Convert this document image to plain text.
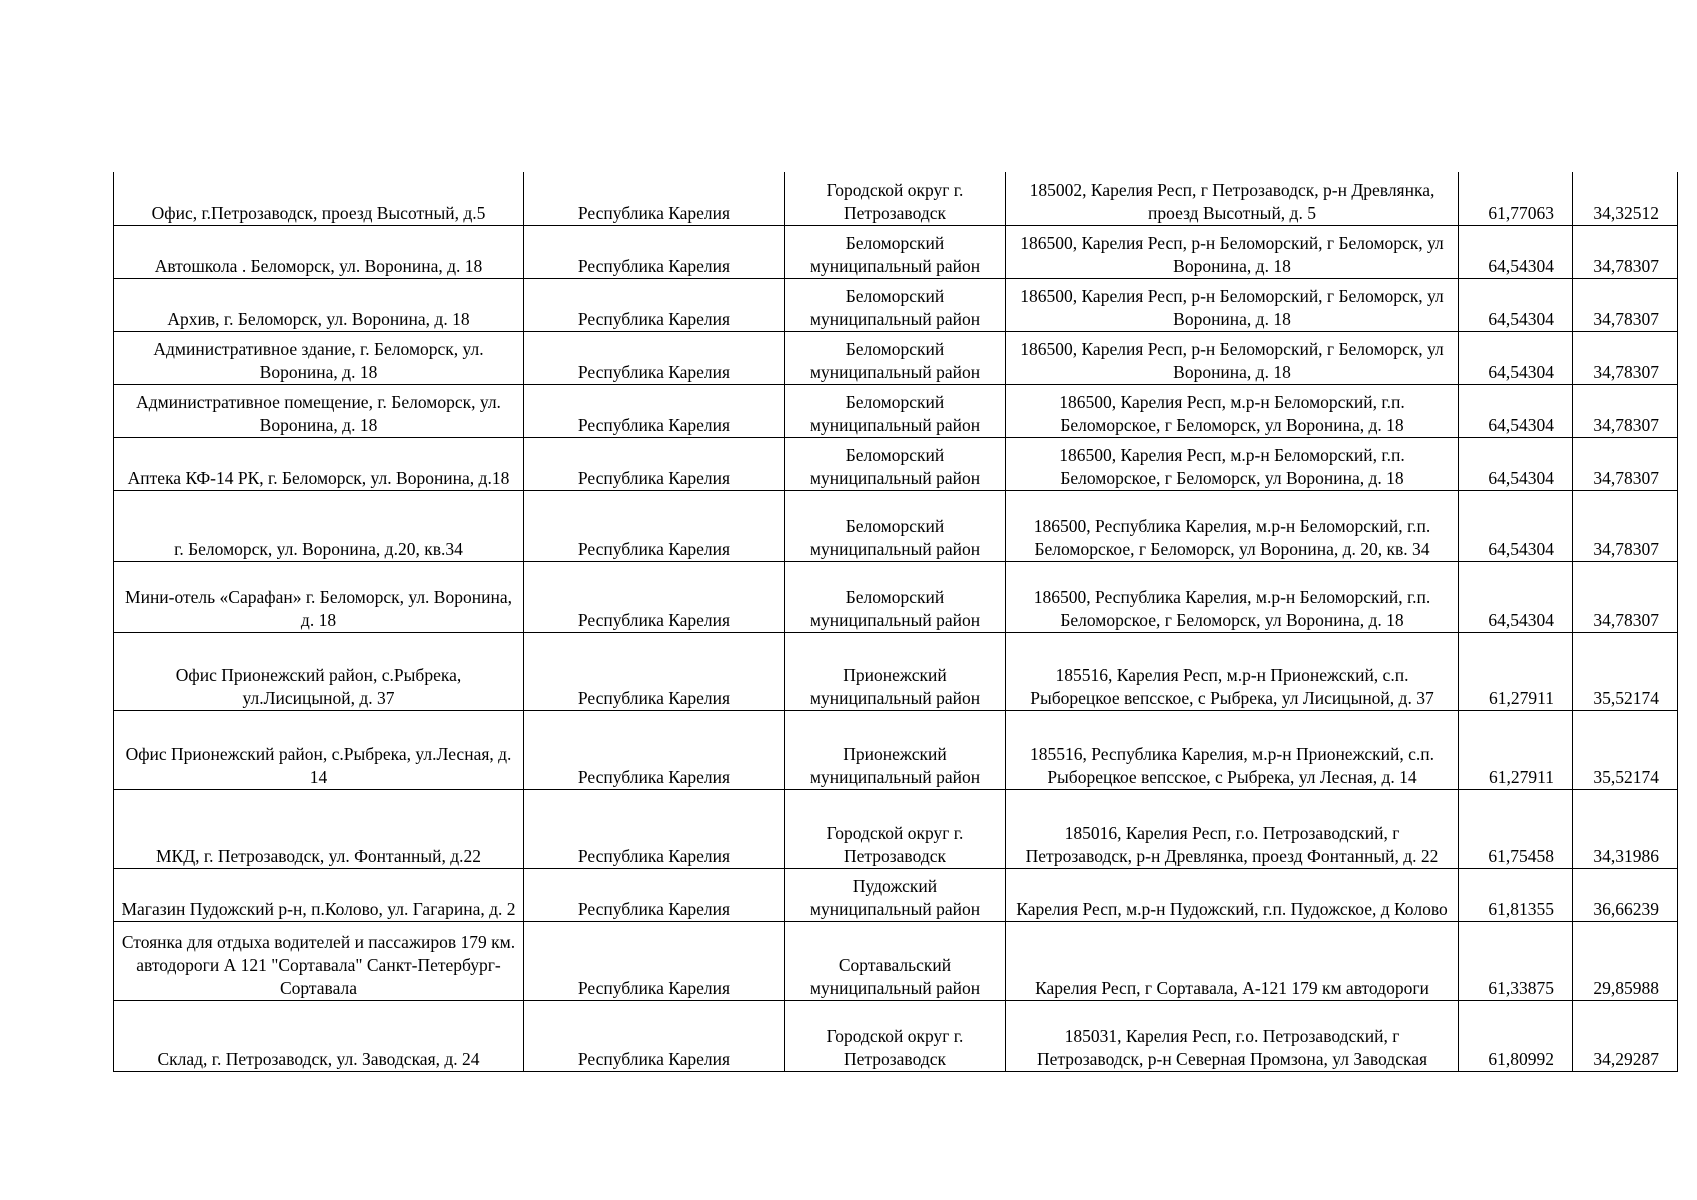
Офис, г.Петрозаводск, проезд Высотный, д.5	Республика Карелия	Городской округ г. Петрозаводск	185002, Карелия Респ, г Петрозаводск, р-н Древлянка, проезд Высотный, д. 5	61,77063	34,32512
Автошкола . Беломорск, ул. Воронина, д. 18	Республика Карелия	Беломорский муниципальный район	186500, Карелия Респ, р-н Беломорский, г Беломорск, ул Воронина, д. 18	64,54304	34,78307
Архив, г. Беломорск, ул. Воронина, д. 18	Республика Карелия	Беломорский муниципальный район	186500, Карелия Респ, р-н Беломорский, г Беломорск, ул Воронина, д. 18	64,54304	34,78307
Административное здание, г. Беломорск, ул. Воронина, д. 18	Республика Карелия	Беломорский муниципальный район	186500, Карелия Респ, р-н Беломорский, г Беломорск, ул Воронина, д. 18	64,54304	34,78307
Административное помещение, г. Беломорск, ул. Воронина, д. 18	Республика Карелия	Беломорский муниципальный район	186500, Карелия Респ, м.р-н Беломорский, г.п. Беломорское, г Беломорск, ул Воронина, д. 18	64,54304	34,78307
Аптека КФ-14 РК, г. Беломорск, ул. Воронина, д.18	Республика Карелия	Беломорский муниципальный район	186500, Карелия Респ, м.р-н Беломорский, г.п. Беломорское, г Беломорск, ул Воронина, д. 18	64,54304	34,78307
г. Беломорск, ул. Воронина, д.20, кв.34	Республика Карелия	Беломорский муниципальный район	186500, Республика Карелия, м.р-н Беломорский, г.п. Беломорское, г Беломорск, ул Воронина, д. 20, кв. 34	64,54304	34,78307
Мини-отель «Сарафан» г. Беломорск, ул. Воронина, д. 18	Республика Карелия	Беломорский муниципальный район	186500, Республика Карелия, м.р-н Беломорский, г.п. Беломорское, г Беломорск, ул Воронина, д. 18	64,54304	34,78307
Офис Прионежский район, с.Рыбрека, ул.Лисицыной, д. 37	Республика Карелия	Прионежский муниципальный район	185516, Карелия Респ, м.р-н Прионежский, с.п. Рыборецкое вепсское, с Рыбрека, ул Лисицыной, д. 37	61,27911	35,52174
Офис Прионежский район, с.Рыбрека, ул.Лесная, д. 14	Республика Карелия	Прионежский муниципальный район	185516, Республика Карелия, м.р-н Прионежский, с.п. Рыборецкое вепсское, с Рыбрека, ул Лесная, д. 14	61,27911	35,52174
МКД, г. Петрозаводск, ул. Фонтанный, д.22	Республика Карелия	Городской округ г. Петрозаводск	185016, Карелия Респ, г.о. Петрозаводский, г Петрозаводск, р-н Древлянка, проезд Фонтанный, д. 22	61,75458	34,31986
Магазин Пудожский р-н, п.Колово, ул. Гагарина, д. 2	Республика Карелия	Пудожский муниципальный район	Карелия Респ, м.р-н Пудожский, г.п. Пудожское, д Колово	61,81355	36,66239
Стоянка для отдыха водителей и пассажиров 179 км. автодороги А 121 "Сортавала" Санкт-Петербург-Сортавала	Республика Карелия	Сортавальский муниципальный район	Карелия Респ, г Сортавала, А-121 179 км автодороги	61,33875	29,85988
Склад, г. Петрозаводск, ул. Заводская, д. 24	Республика Карелия	Городской округ г. Петрозаводск	185031, Карелия Респ, г.о. Петрозаводский, г Петрозаводск, р-н Северная Промзона, ул Заводская	61,80992	34,29287
